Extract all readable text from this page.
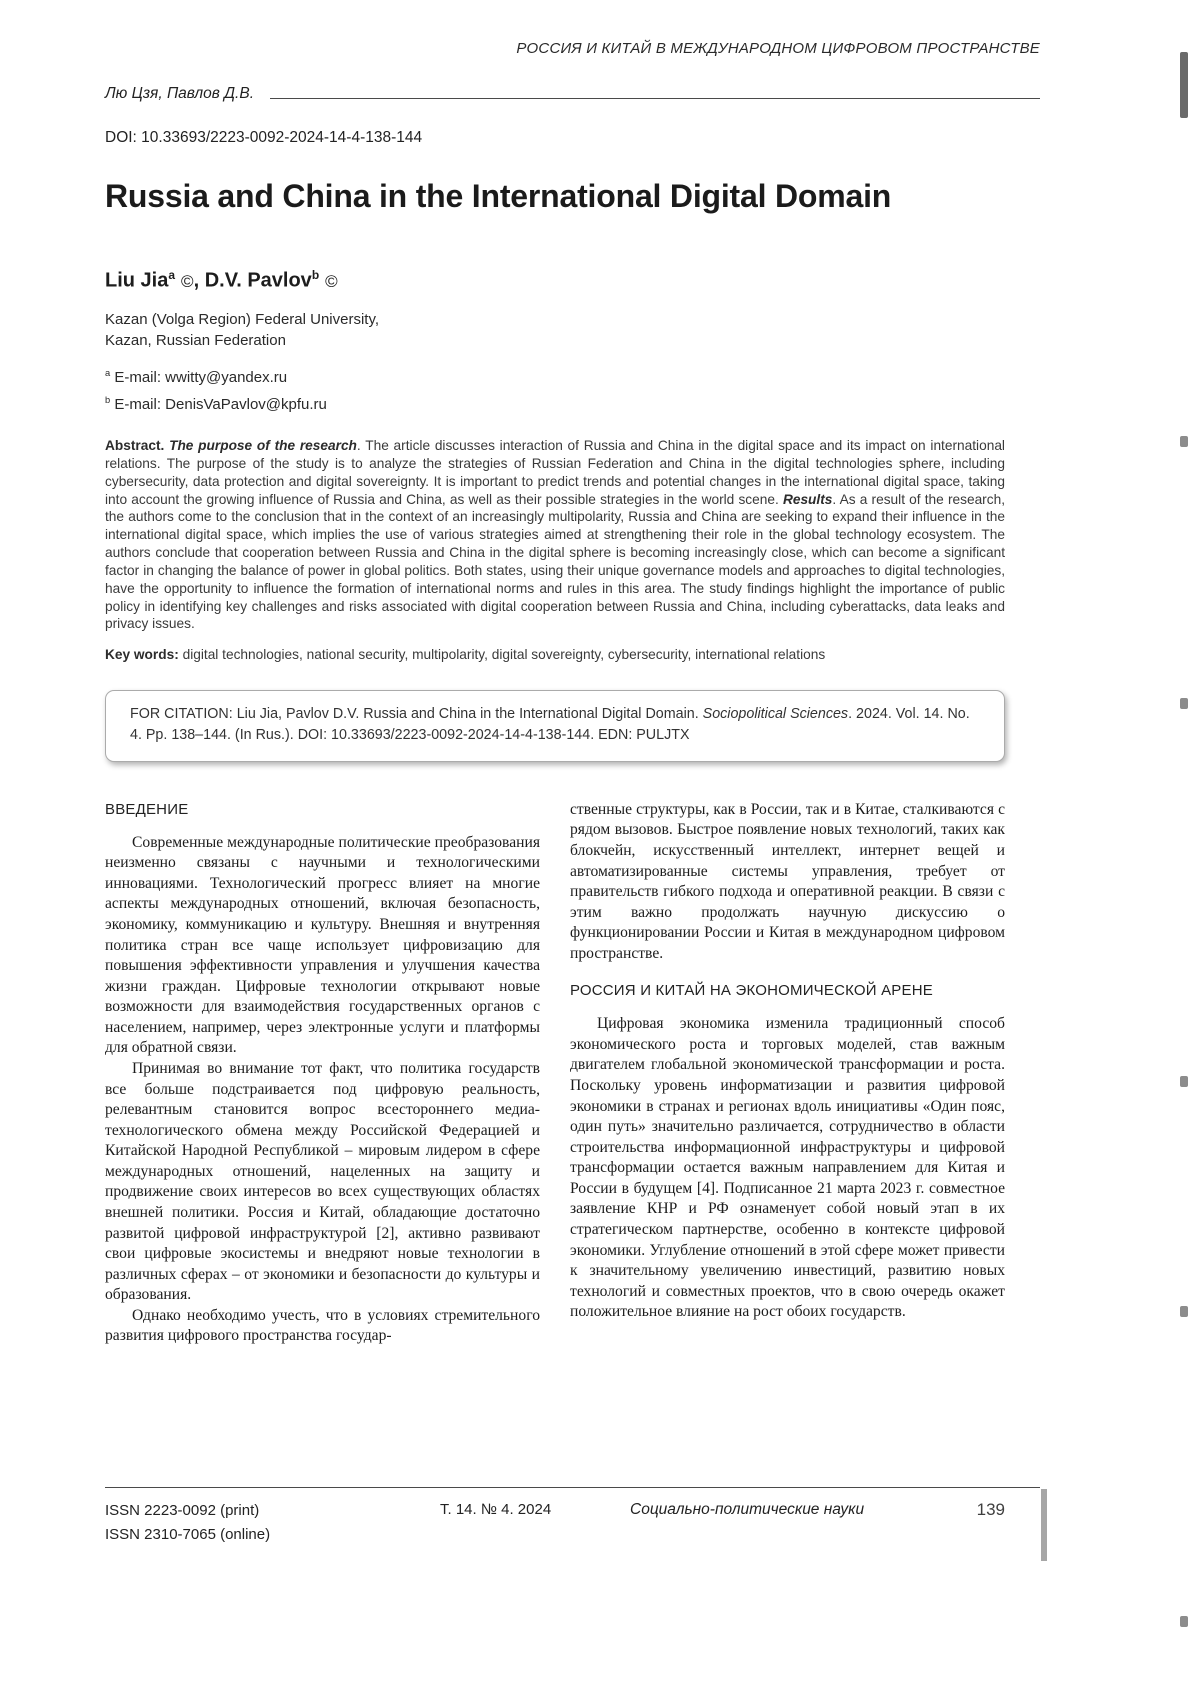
РОССИЯ И КИТАЙ В МЕЖДУНАРОДНОМ ЦИФРОВОМ ПРОСТРАНСТВЕ
Лю Цзя, Павлов Д.В.
DOI: 10.33693/2223-0092-2024-14-4-138-144
Russia and China in the International Digital Domain
Liu Jia$^a$ ©, D.V. Pavlov$^b$ ©
Kazan (Volga Region) Federal University,
Kazan, Russian Federation
$^a$ E-mail: wwitty@yandex.ru
$^b$ E-mail: DenisVaPavlov@kpfu.ru

Abstract. The purpose of the research. The article discusses interaction of Russia and China in the digital space and its impact on international relations. The purpose of the study is to analyze the strategies of Russian Federation and China in the digital technologies sphere, including cybersecurity, data protection and digital sovereignty. It is important to predict trends and potential changes in the international digital space, taking into account the growing influence of Russia and China, as well as their possible strategies in the world scene. Results. As a result of the research, the authors come to the conclusion that in the context of an increasingly multipolarity, Russia and China are seeking to expand their influence in the international digital space, which implies the use of various strategies aimed at strengthening their role in the global technology ecosystem. The authors conclude that cooperation between Russia and China in the digital sphere is becoming increasingly close, which can become a significant factor in changing the balance of power in global politics. Both states, using their unique governance models and approaches to digital technologies, have the opportunity to influence the formation of international norms and rules in this area. The study findings highlight the importance of public policy in identifying key challenges and risks associated with digital cooperation between Russia and China, including cyberattacks, data leaks and privacy issues.

Key words: digital technologies, national security, multipolarity, digital sovereignty, cybersecurity, international relations

FOR CITATION: Liu Jia, Pavlov D.V. Russia and China in the International Digital Domain. Sociopolitical Sciences. 2024. Vol. 14. No. 4. Pp. 138–144. (In Rus.). DOI: 10.33693/2223-0092-2024-14-4-138-144. EDN: PULJTX
ВВЕДЕНИЕ

Современные международные политические преобразования неизменно связаны с научными и технологическими инновациями. Технологический прогресс влияет на многие аспекты международных отношений, включая безопасность, экономику, коммуникацию и культуру. Внешняя и внутренняя политика стран все чаще использует цифровизацию для повышения эффективности управления и улучшения качества жизни граждан. Цифровые технологии открывают новые возможности для взаимодействия государственных органов с населением, например, через электронные услуги и платформы для обратной связи.

Принимая во внимание тот факт, что политика государств все больше подстраивается под цифровую реальность, релевантным становится вопрос всестороннего медиа-технологического обмена между Российской Федерацией и Китайской Народной Республикой – мировым лидером в сфере международных отношений, нацеленных на защиту и продвижение своих интересов во всех существующих областях внешней политики. Россия и Китай, обладающие достаточно развитой цифровой инфраструктурой [2], активно развивают свои цифровые экосистемы и внедряют новые технологии в различных сферах – от экономики и безопасности до культуры и образования.

Однако необходимо учесть, что в условиях стремительного развития цифрового пространства государ-

ственные структуры, как в России, так и в Китае, сталкиваются с рядом вызовов. Быстрое появление новых технологий, таких как блокчейн, искусственный интеллект, интернет вещей и автоматизированные системы управления, требует от правительств гибкого подхода и оперативной реакции. В связи с этим важно продолжать научную дискуссию о функционировании России и Китая в международном цифровом пространстве.

РОССИЯ И КИТАЙ НА ЭКОНОМИЧЕСКОЙ АРЕНЕ

Цифровая экономика изменила традиционный способ экономического роста и торговых моделей, став важным двигателем глобальной экономической трансформации и роста. Поскольку уровень информатизации и развития цифровой экономики в странах и регионах вдоль инициативы «Один пояс, один путь» значительно различается, сотрудничество в области строительства информационной инфраструктуры и цифровой трансформации остается важным направлением для Китая и России в будущем [4]. Подписанное 21 марта 2023 г. совместное заявление КНР и РФ ознаменует собой новый этап в их стратегическом партнерстве, особенно в контексте цифровой экономики. Углубление отношений в этой сфере может привести к значительному увеличению инвестиций, развитию новых технологий и совместных проектов, что в свою очередь окажет положительное влияние на рост обоих государств.

ISSN 2223-0092 (print)
ISSN 2310-7065 (online)
Т. 14. № 4. 2024	Социально-политические науки	139
